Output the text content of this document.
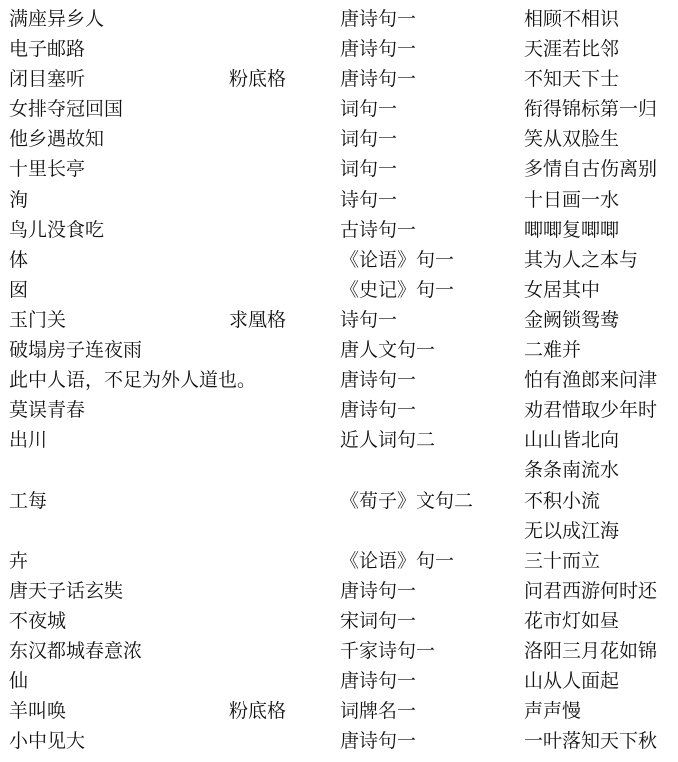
满座异乡人	唐诗句一	相顾不相识
电子邮路	唐诗句一	天涯若比邻
闭目塞听	粉底格	唐诗句一	不知天下士
女排夺冠回国	词句一	衔得锦标第一归
他乡遇故知	词句一	笑从双脸生
十里长亭	词句一	多情自古伤离别
洵	诗句一	十日画一水
鸟儿没食吃	古诗句一	唧唧复唧唧
体	《论语》句一	其为人之本与
囡	《史记》句一	女居其中
玉门关	求凰格	诗句一	金阙锁鸳鸯
破塌房子连夜雨	唐人文句一	二难并
此中人语，不足为外人道也。	唐诗句一	怕有渔郎来问津
莫误青春	唐诗句一	劝君惜取少年时
出川	近人词句二	山山皆北向
条条南流水
工每	《荀子》文句二	不积小流
无以成江海
卉	《论语》句一	三十而立
唐天子话玄奘	唐诗句一	问君西游何时还
不夜城	宋词句一	花市灯如昼
东汉都城春意浓	千家诗句一	洛阳三月花如锦
仙	唐诗句一	山从人面起
羊叫唤	粉底格	词牌名一	声声慢
小中见大	唐诗句一	一叶落知天下秋
